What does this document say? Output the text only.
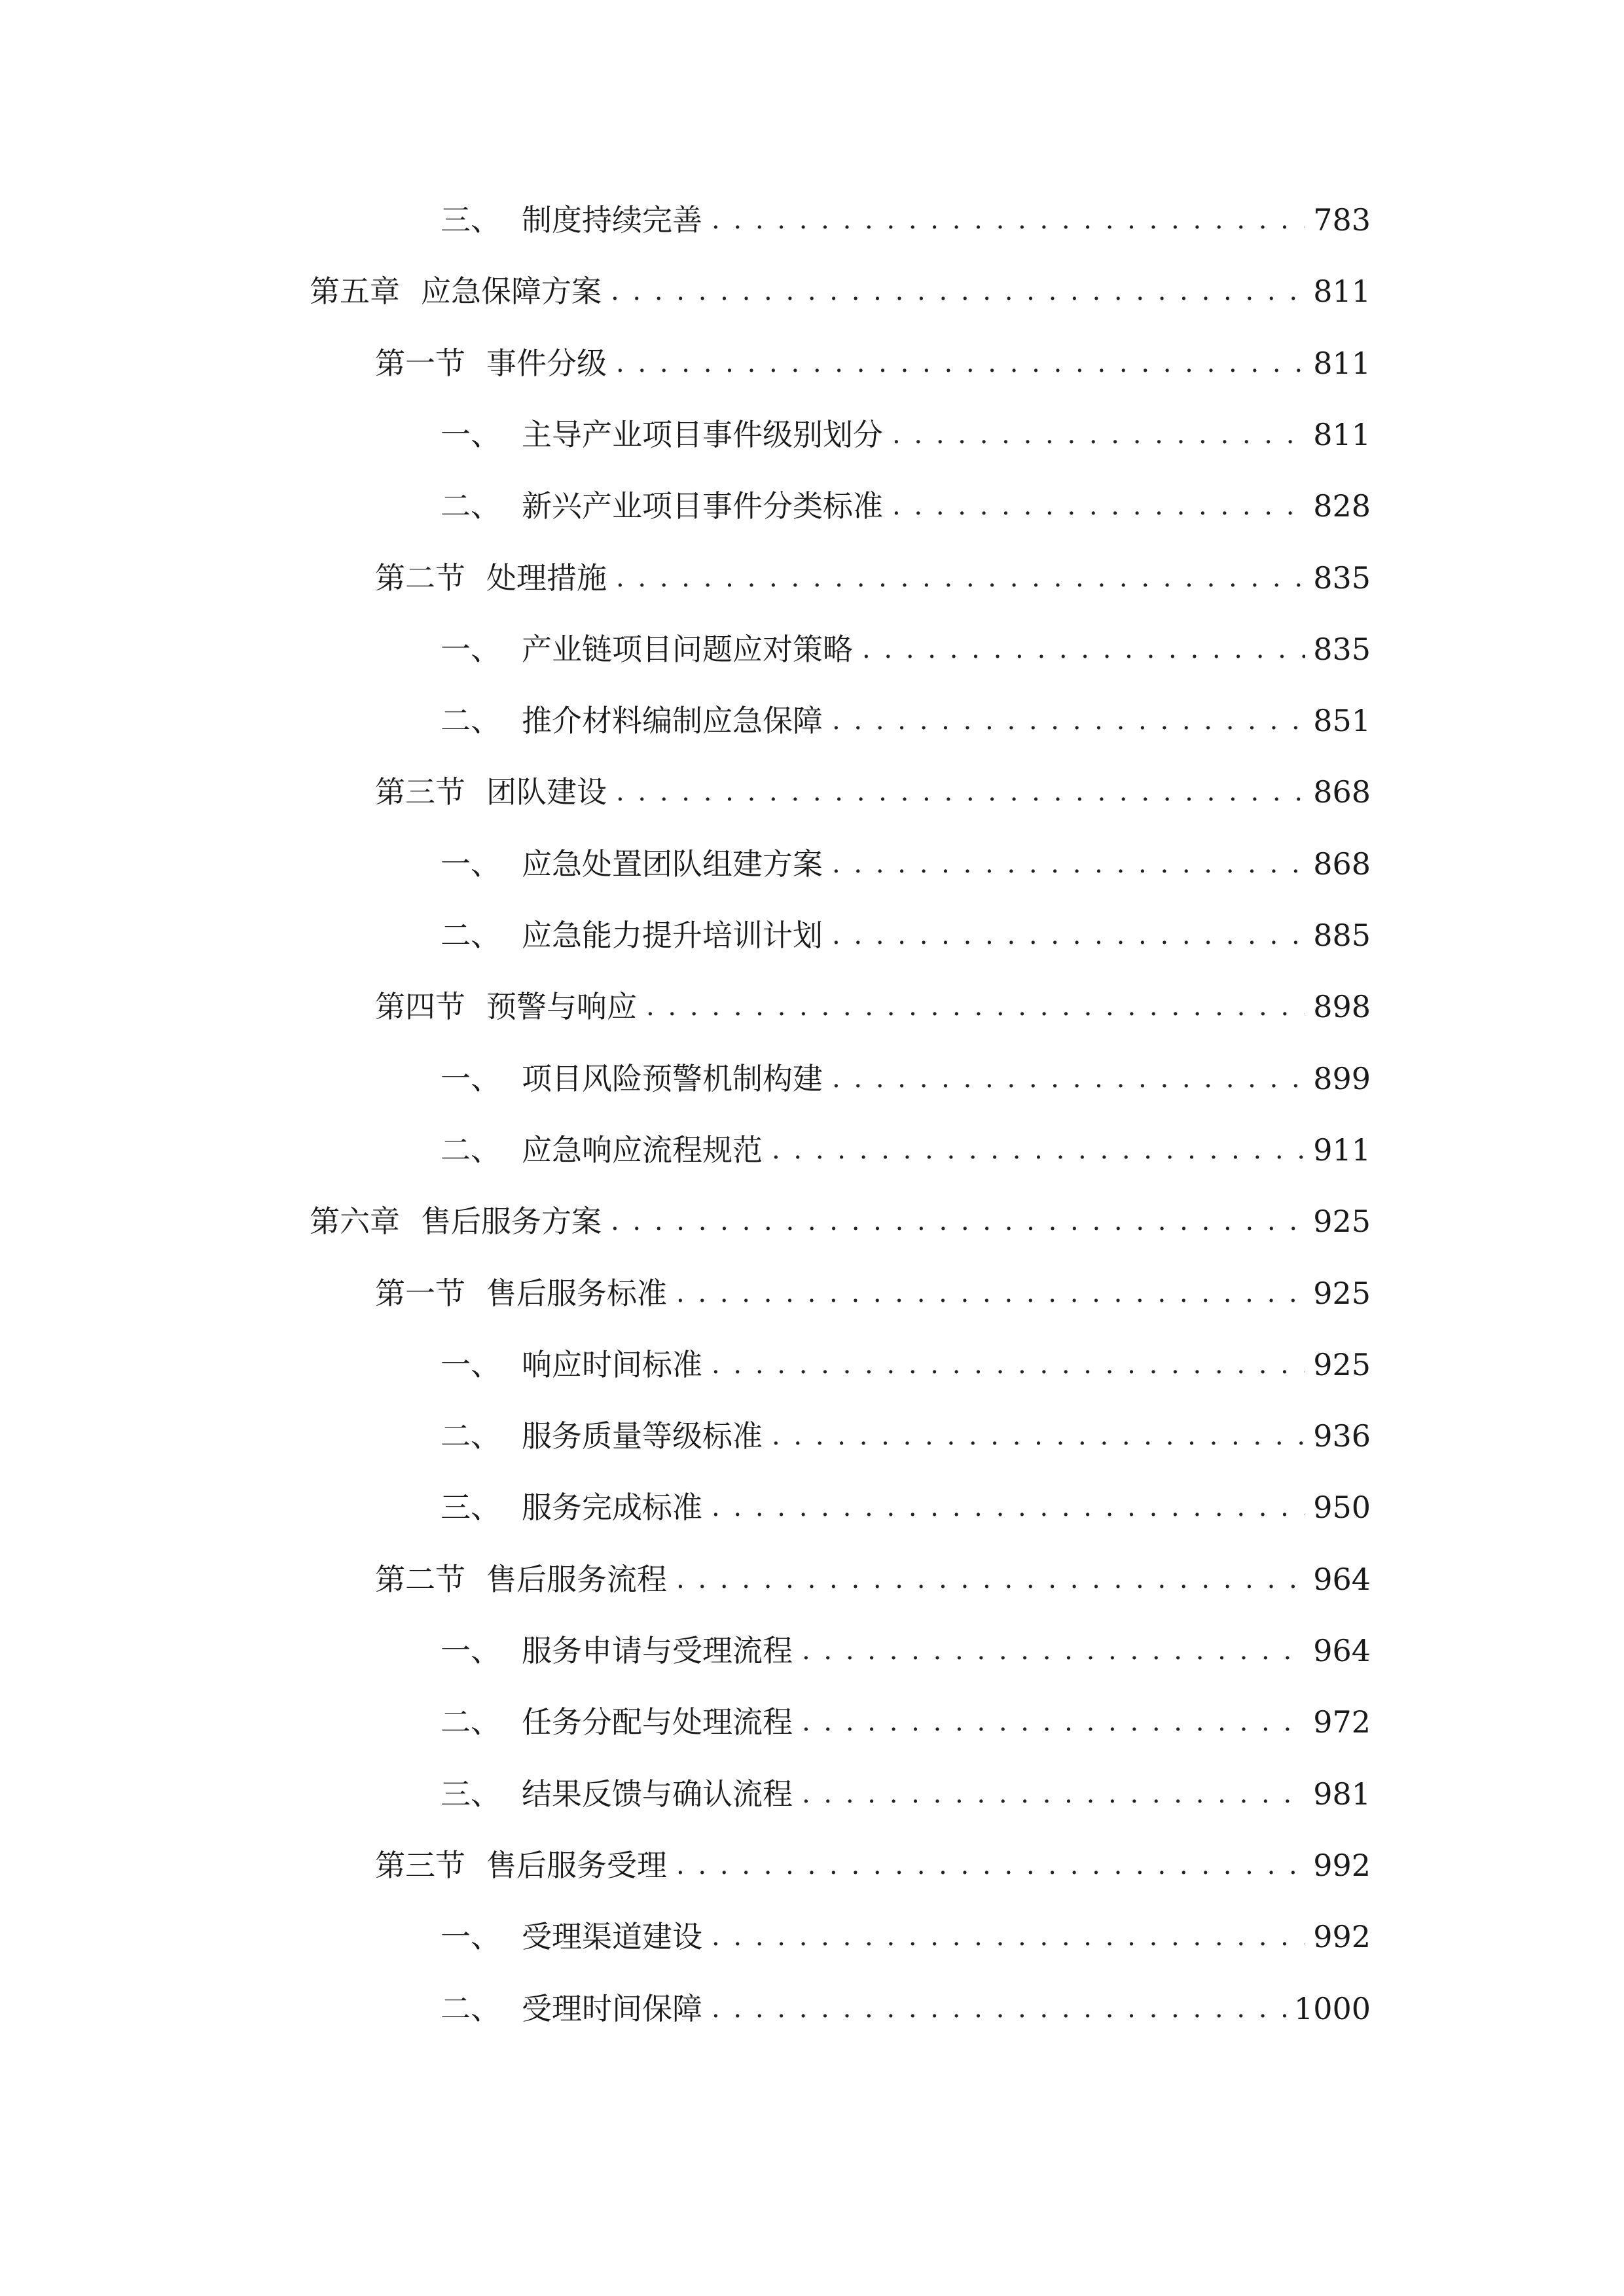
三、 制度持续完善 . . .	783
第五章 应急保障方案 . . .	811
第一节 事件分级 . . .	811
一、 主导产业项目事件级别划分 . . .	811
二、 新兴产业项目事件分类标准 . . .	828
第二节 处理措施 . . .	835
一、 产业链项目问题应对策略 . . .	835
二、 推介材料编制应急保障 . . .	851
第三节 团队建设 . . .	868
一、 应急处置团队组建方案 . . .	868
二、 应急能力提升培训计划 . . .	885
第四节 预警与响应 . . .	898
一、 项目风险预警机制构建 . . .	899
二、 应急响应流程规范 . . .	911
第六章 售后服务方案 . . .	925
第一节 售后服务标准 . . .	925
一、 响应时间标准 . . .	925
二、 服务质量等级标准 . . .	936
三、 服务完成标准 . . .	950
第二节 售后服务流程 . . .	964
一、 服务申请与受理流程 . . .	964
二、 任务分配与处理流程 . . .	972
三、 结果反馈与确认流程 . . .	981
第三节 售后服务受理 . . .	992
一、 受理渠道建设 . . .	992
二、 受理时间保障 . . .	1000
